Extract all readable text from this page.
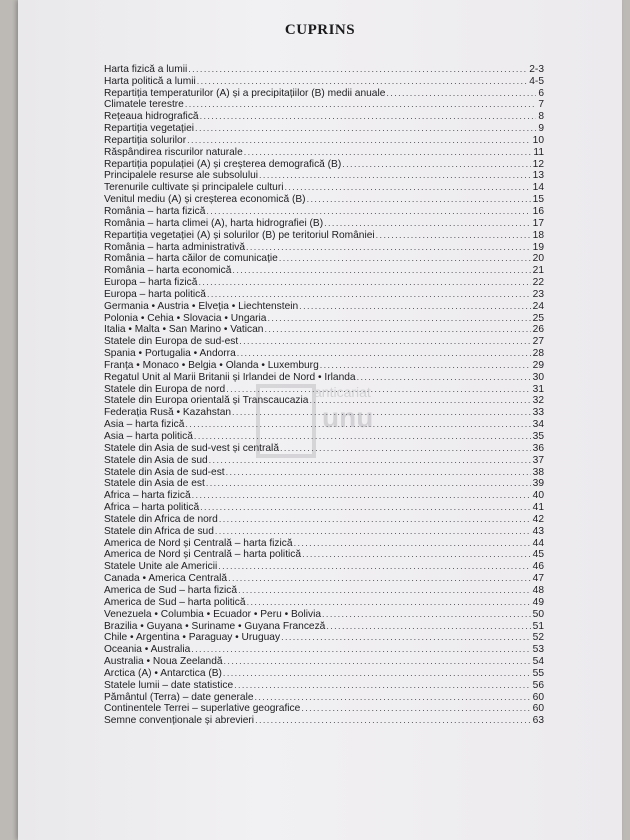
CUPRINS
Harta fizică a lumii .....	2-3
Harta politică a lumii .....	4-5
Repartiția temperaturilor (A) și a precipitațiilor (B) medii anuale .....	6
Climatele terestre .....	7
Rețeaua hidrografică .....	8
Repartiția vegetației .....	9
Repartiția solurilor .....	10
Răspândirea riscurilor naturale .....	11
Repartiția populației (A) și creșterea demografică (B) .....	12
Principalele resurse ale subsolului .....	13
Terenurile cultivate și principalele culturi .....	14
Venitul mediu (A) și creșterea economică (B) .....	15
România – harta fizică .....	16
România – harta climei (A), harta hidrografiei (B) .....	17
Repartiția vegetației (A) și solurilor (B) pe teritoriul României .....	18
România – harta administrativă .....	19
România – harta căilor de comunicație .....	20
România – harta economică .....	21
Europa – harta fizică .....	22
Europa – harta politică .....	23
Germania • Austria • Elveția • Liechtenstein .....	24
Polonia • Cehia • Slovacia • Ungaria .....	25
Italia • Malta • San Marino • Vatican .....	26
Statele din Europa de sud-est .....	27
Spania • Portugalia • Andorra .....	28
Franța • Monaco • Belgia • Olanda • Luxemburg .....	29
Regatul Unit al Marii Britanii și Irlandei de Nord • Irlanda .....	30
Statele din Europa de nord .....	31
Statele din Europa orientală și Transcaucazia .....	32
Federația Rusă • Kazahstan .....	33
Asia – harta fizică .....	34
Asia – harta politică .....	35
Statele din Asia de sud-vest și centrală .....	36
Statele din Asia de sud .....	37
Statele din Asia de sud-est .....	38
Statele din Asia de est .....	39
Africa – harta fizică .....	40
Africa – harta politică .....	41
Statele din Africa de nord .....	42
Statele din Africa de sud .....	43
America de Nord și Centrală – harta fizică .....	44
America de Nord și Centrală – harta politică .....	45
Statele Unite ale Americii .....	46
Canada • America Centrală .....	47
America de Sud – harta fizică .....	48
America de Sud – harta politică .....	49
Venezuela • Columbia • Ecuador • Peru • Bolivia .....	50
Brazilia • Guyana • Suriname • Guyana Franceză .....	51
Chile • Argentina • Paraguay • Uruguay .....	52
Oceania • Australia .....	53
Australia • Noua Zeelandă .....	54
Arctica (A) • Antarctica (B) .....	55
Statele lumii – date statistice .....	56
Pământul (Terra) – date generale .....	60
Continentele Terrei – superlative geografice .....	60
Semne convenționale și abrevieri .....	63
anticariat
unu
